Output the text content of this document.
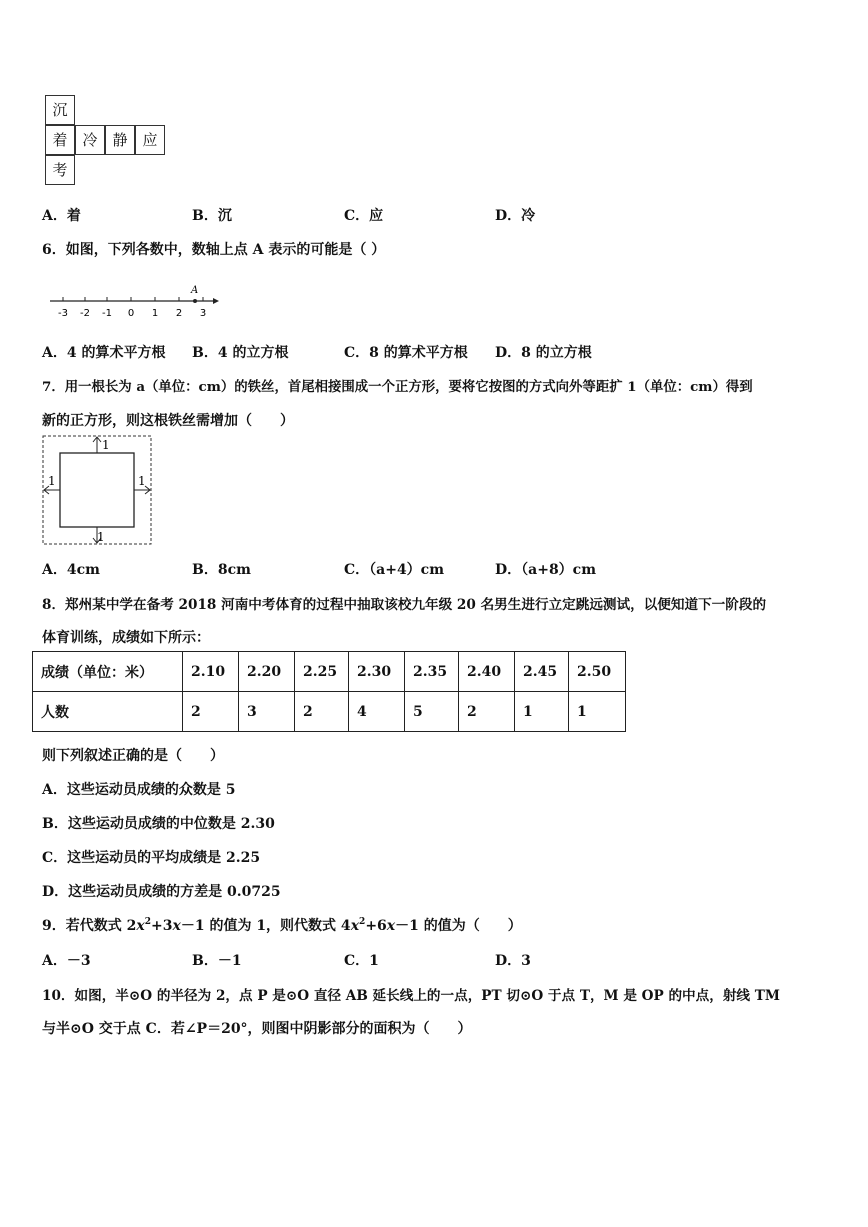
沉
着 冷 静 应
考
A．着	B．沉	C．应	D．冷
6．如图，下列各数中，数轴上点 A 表示的可能是（ ）
A
-3 -2 -1 0 1 2 3
A．4 的算术平方根 B．4 的立方根	C．8 的算术平方根 D．8 的立方根
7．用一根长为 a（单位：cm）的铁丝，首尾相接围成一个正方形，要将它按图的方式向外等距扩 1（单位：cm）得到
新的正方形，则这根铁丝需增加（　　）
1
1
1	1
A．4cm	B．8cm	C．（a+4）cm	D．（a+8）cm
8．郑州某中学在备考 2018 河南中考体育的过程中抽取该校九年级 20 名男生进行立定跳远测试，以便知道下一阶段的
体育训练，成绩如下所示：
成绩（单位：米）	2.10	2.20	2.25	2.30	2.35	2.40	2.45	2.50
人数	2	3	2	4	5	2	1	1
则下列叙述正确的是（　　）
A．这些运动员成绩的众数是 5
B．这些运动员成绩的中位数是 2.30
C．这些运动员的平均成绩是 2.25
D．这些运动员成绩的方差是 0.0725
9．若代数式 $2x^2+3x-1$ 的值为 1，则代数式 $4x^2+6x-1$ 的值为（　　）
A．－3	B．－1	C．1	D．3
10．如图，半⊙O 的半径为 2，点 P 是⊙O 直径 AB 延长线上的一点，PT 切⊙O 于点 T，M 是 OP 的中点，射线 TM
与半⊙O 交于点 C．若∠P＝20°，则图中阴影部分的面积为（　　）
